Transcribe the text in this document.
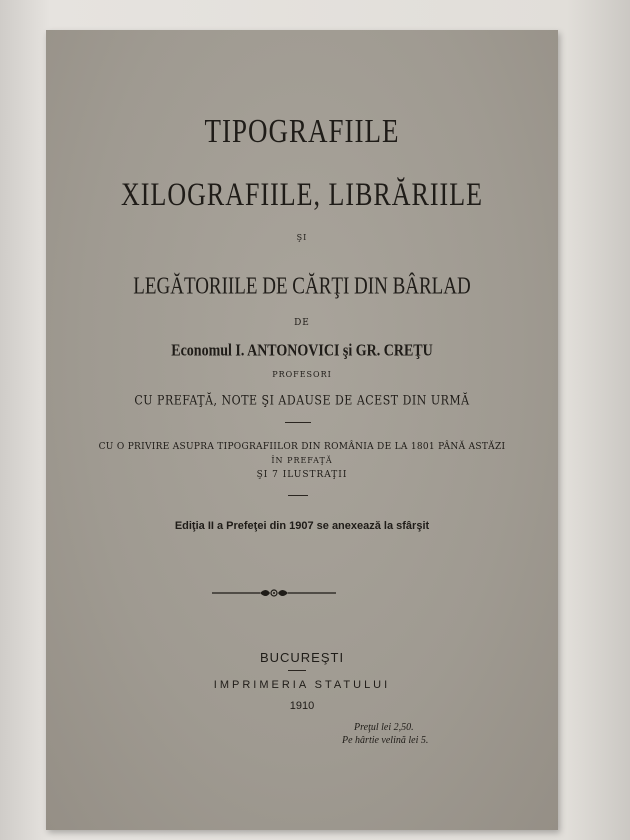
TIPOGRAFIILE

XILOGRAFIILE, LIBRĂRIILE

ŞI

LEGĂTORIILE DE CĂRŢI DIN BÂRLAD

DE

Economul I. ANTONOVICI şi GR. CREŢU

PROFESORI

CU PREFAŢĂ, NOTE ŞI ADAUSE DE ACEST DIN URMĂ

CU O PRIVIRE ASUPRA TIPOGRAFIILOR DIN ROMÂNIA DE LA 1801 PÂNĂ ASTĂZI

ÎN PREFAŢĂ

ŞI 7 ILUSTRAŢII

Ediţia II a Prefeţei din 1907 se anexează la sfârşit

BUCUREŞTI

IMPRIMERIA STATULUI

1910

Preţul lei 2,50.

Pe hârtie velină lei 5.
